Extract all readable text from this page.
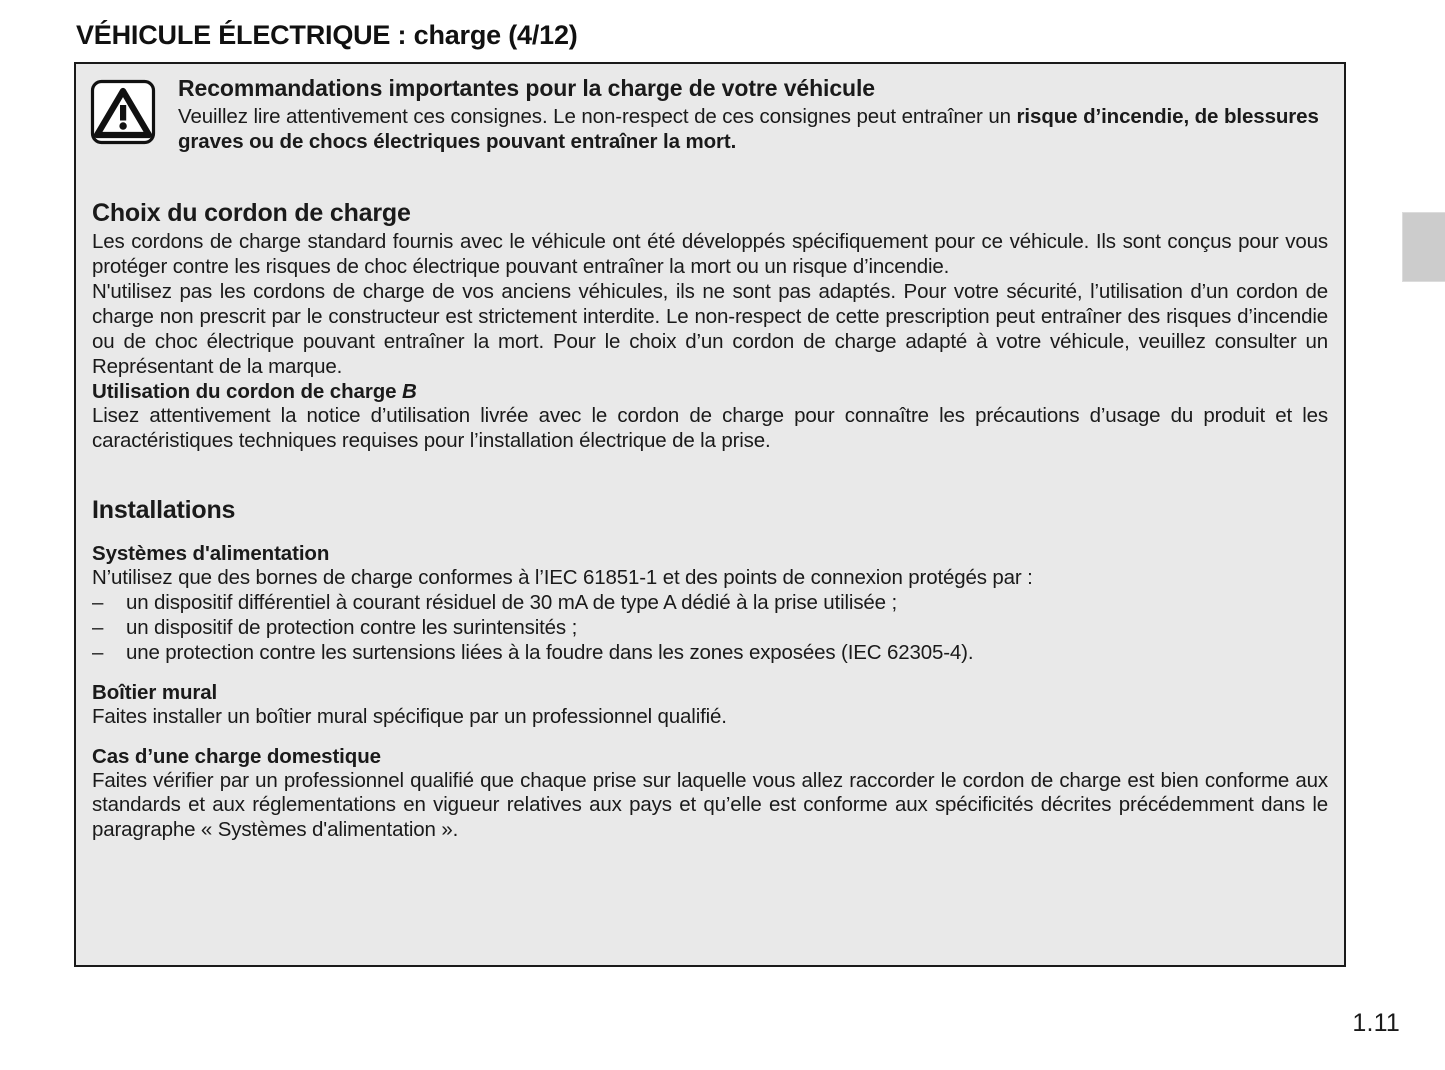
VÉHICULE ÉLECTRIQUE : charge (4/12)
Recommandations importantes pour la charge de votre véhicule
Veuillez lire attentivement ces consignes. Le non-respect de ces consignes peut entraîner un risque d’incendie, de blessures graves ou de chocs électriques pouvant entraîner la mort.
Choix du cordon de charge

Les cordons de charge standard fournis avec le véhicule ont été développés spécifiquement pour ce véhicule. Ils sont conçus pour vous protéger contre les risques de choc électrique pouvant entraîner la mort ou un risque d’incendie.

N'utilisez pas les cordons de charge de vos anciens véhicules, ils ne sont pas adaptés. Pour votre sécurité, l’utilisation d’un cordon de charge non prescrit par le constructeur est strictement interdite. Le non-respect de cette prescription peut entraîner des risques d’incendie ou de choc électrique pouvant entraîner la mort. Pour le choix d’un cordon de charge adapté à votre véhicule, veuillez consulter un Représentant de la marque.

Utilisation du cordon de charge B

Lisez attentivement la notice d’utilisation livrée avec le cordon de charge pour connaître les précautions d’usage du produit et les caractéristiques techniques requises pour l’installation électrique de la prise.

Installations
Systèmes d'alimentation

N’utilisez que des bornes de charge conformes à l’IEC 61851-1 et des points de connexion protégés par :

– un dispositif différentiel à courant résiduel de 30 mA de type A dédié à la prise utilisée ;
– un dispositif de protection contre les surintensités ;
– une protection contre les surtensions liées à la foudre dans les zones exposées (IEC 62305-4).
Boîtier mural

Faites installer un boîtier mural spécifique par un professionnel qualifié.

Cas d’une charge domestique

Faites vérifier par un professionnel qualifié que chaque prise sur laquelle vous allez raccorder le cordon de charge est bien conforme aux standards et aux réglementations en vigueur relatives aux pays et qu’elle est conforme aux spécificités décrites précédemment dans le paragraphe « Systèmes d'alimentation ».

1.11
